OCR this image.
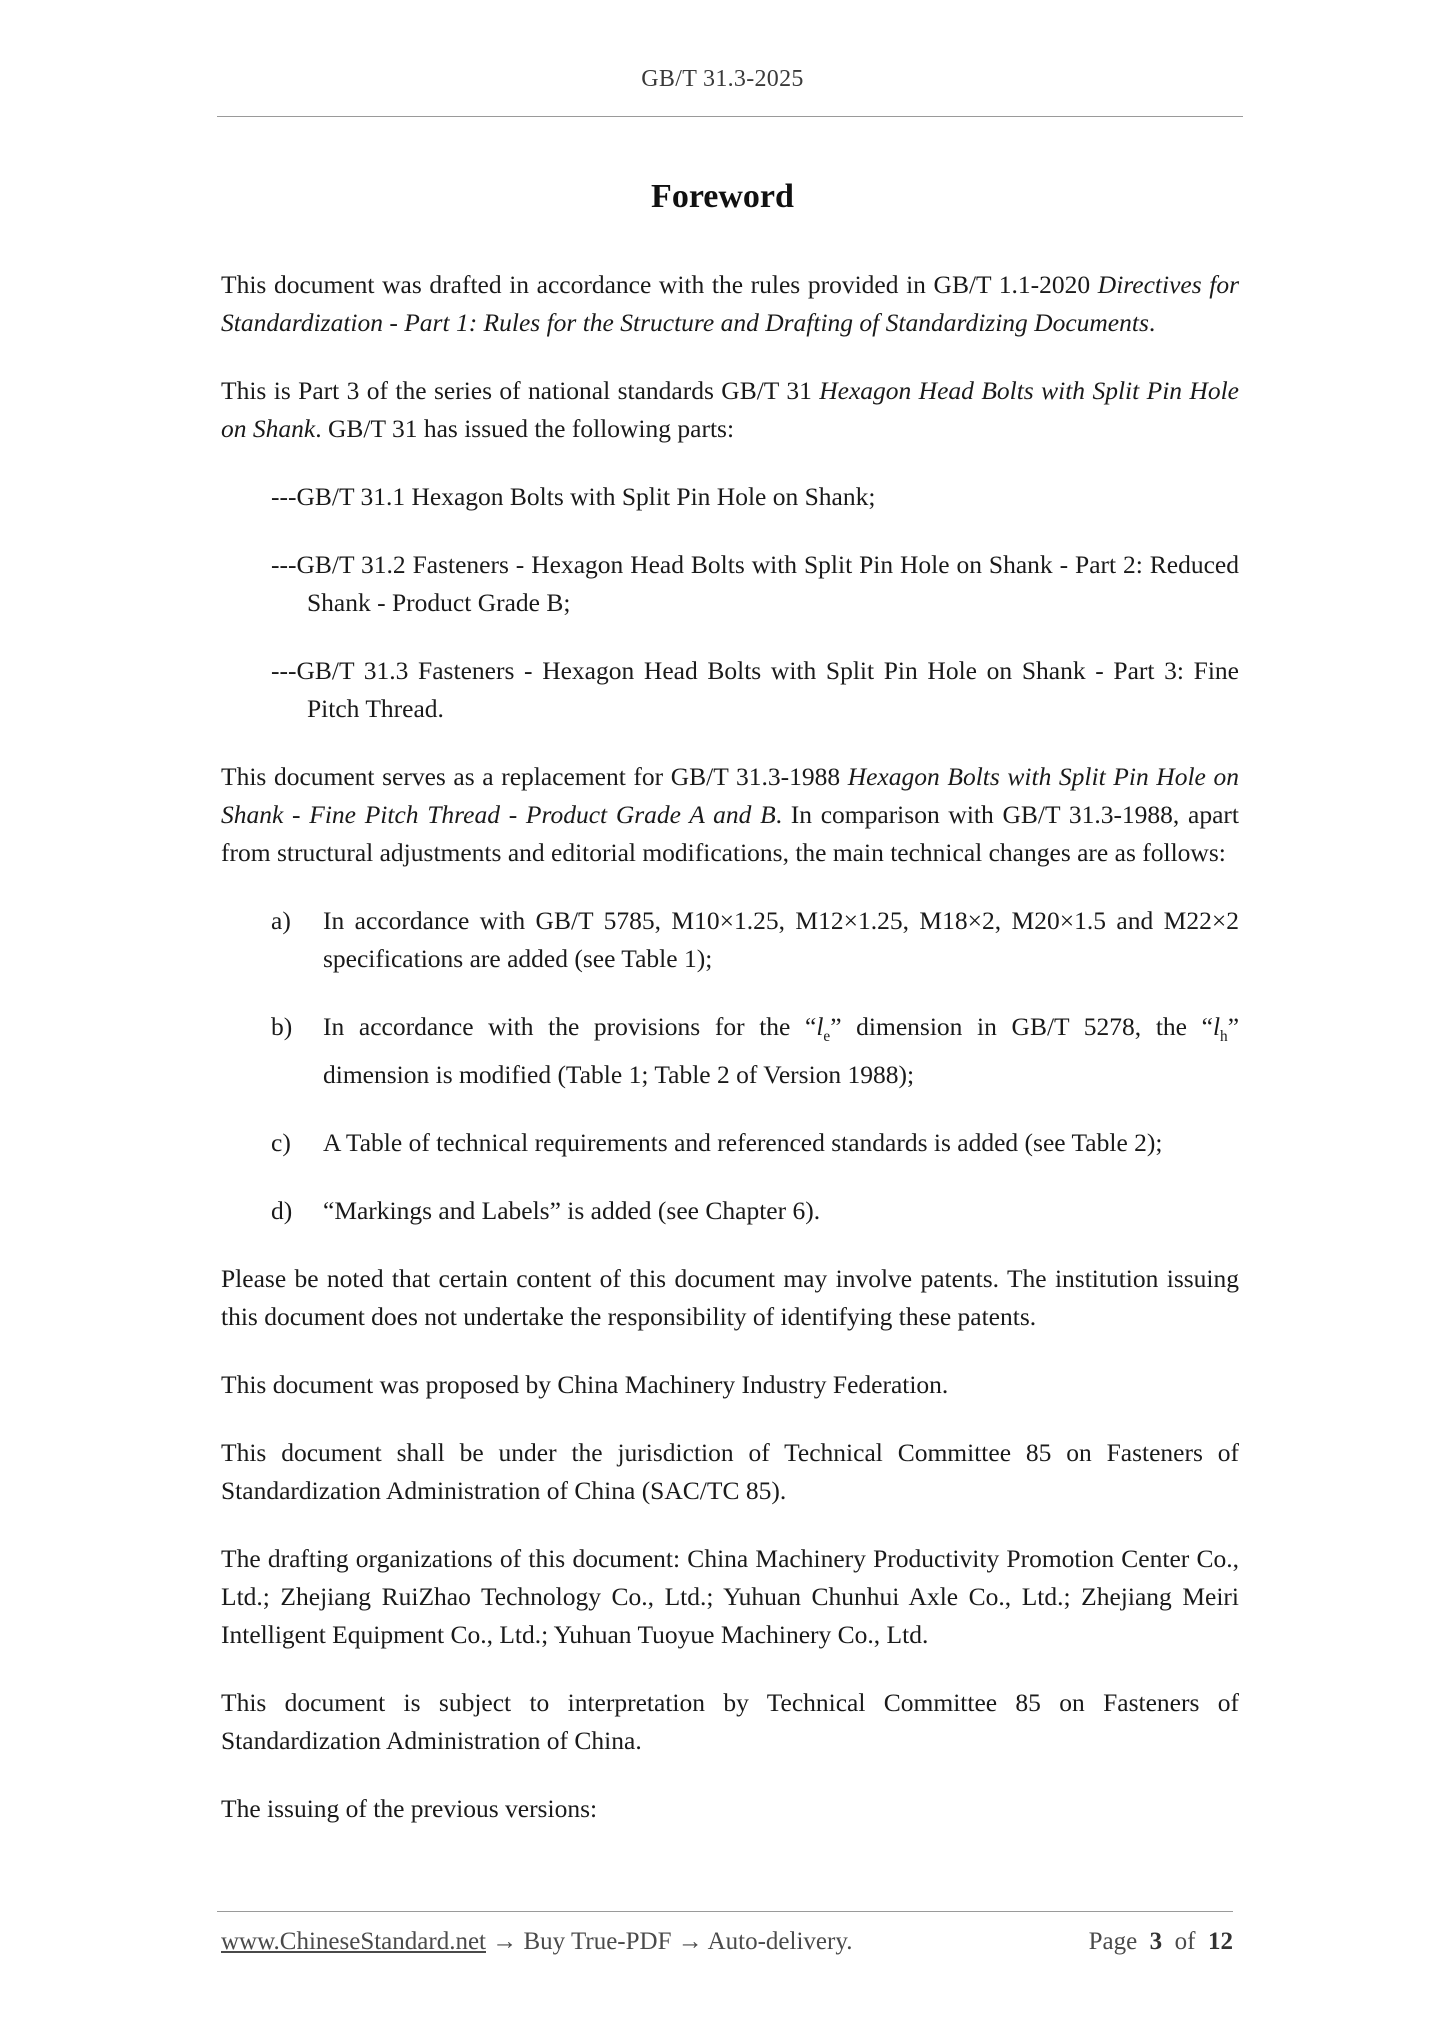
GB/T 31.3-2025
Foreword

This document was drafted in accordance with the rules provided in GB/T 1.1-2020 Directives for Standardization - Part 1: Rules for the Structure and Drafting of Standardizing Documents.

This is Part 3 of the series of national standards GB/T 31 Hexagon Head Bolts with Split Pin Hole on Shank. GB/T 31 has issued the following parts:

---GB/T 31.1 Hexagon Bolts with Split Pin Hole on Shank;

---GB/T 31.2 Fasteners - Hexagon Head Bolts with Split Pin Hole on Shank - Part 2: Reduced Shank - Product Grade B;

---GB/T 31.3 Fasteners - Hexagon Head Bolts with Split Pin Hole on Shank - Part 3: Fine Pitch Thread.

This document serves as a replacement for GB/T 31.3-1988 Hexagon Bolts with Split Pin Hole on Shank - Fine Pitch Thread - Product Grade A and B. In comparison with GB/T 31.3-1988, apart from structural adjustments and editorial modifications, the main technical changes are as follows:

a) In accordance with GB/T 5785, M10×1.25, M12×1.25, M18×2, M20×1.5 and M22×2 specifications are added (see Table 1);
b) In accordance with the provisions for the “$l_e$” dimension in GB/T 5278, the “$l_h$” dimension is modified (Table 1; Table 2 of Version 1988);
c) A Table of technical requirements and referenced standards is added (see Table 2);
d) “Markings and Labels” is added (see Chapter 6).

Please be noted that certain content of this document may involve patents. The institution issuing this document does not undertake the responsibility of identifying these patents.

This document was proposed by China Machinery Industry Federation.

This document shall be under the jurisdiction of Technical Committee 85 on Fasteners of Standardization Administration of China (SAC/TC 85).

The drafting organizations of this document: China Machinery Productivity Promotion Center Co., Ltd.; Zhejiang RuiZhao Technology Co., Ltd.; Yuhuan Chunhui Axle Co., Ltd.; Zhejiang Meiri Intelligent Equipment Co., Ltd.; Yuhuan Tuoyue Machinery Co., Ltd.

This document is subject to interpretation by Technical Committee 85 on Fasteners of Standardization Administration of China.

The issuing of the previous versions:

www.ChineseStandard.net → Buy True-PDF → Auto-delivery.	Page 3 of 12
